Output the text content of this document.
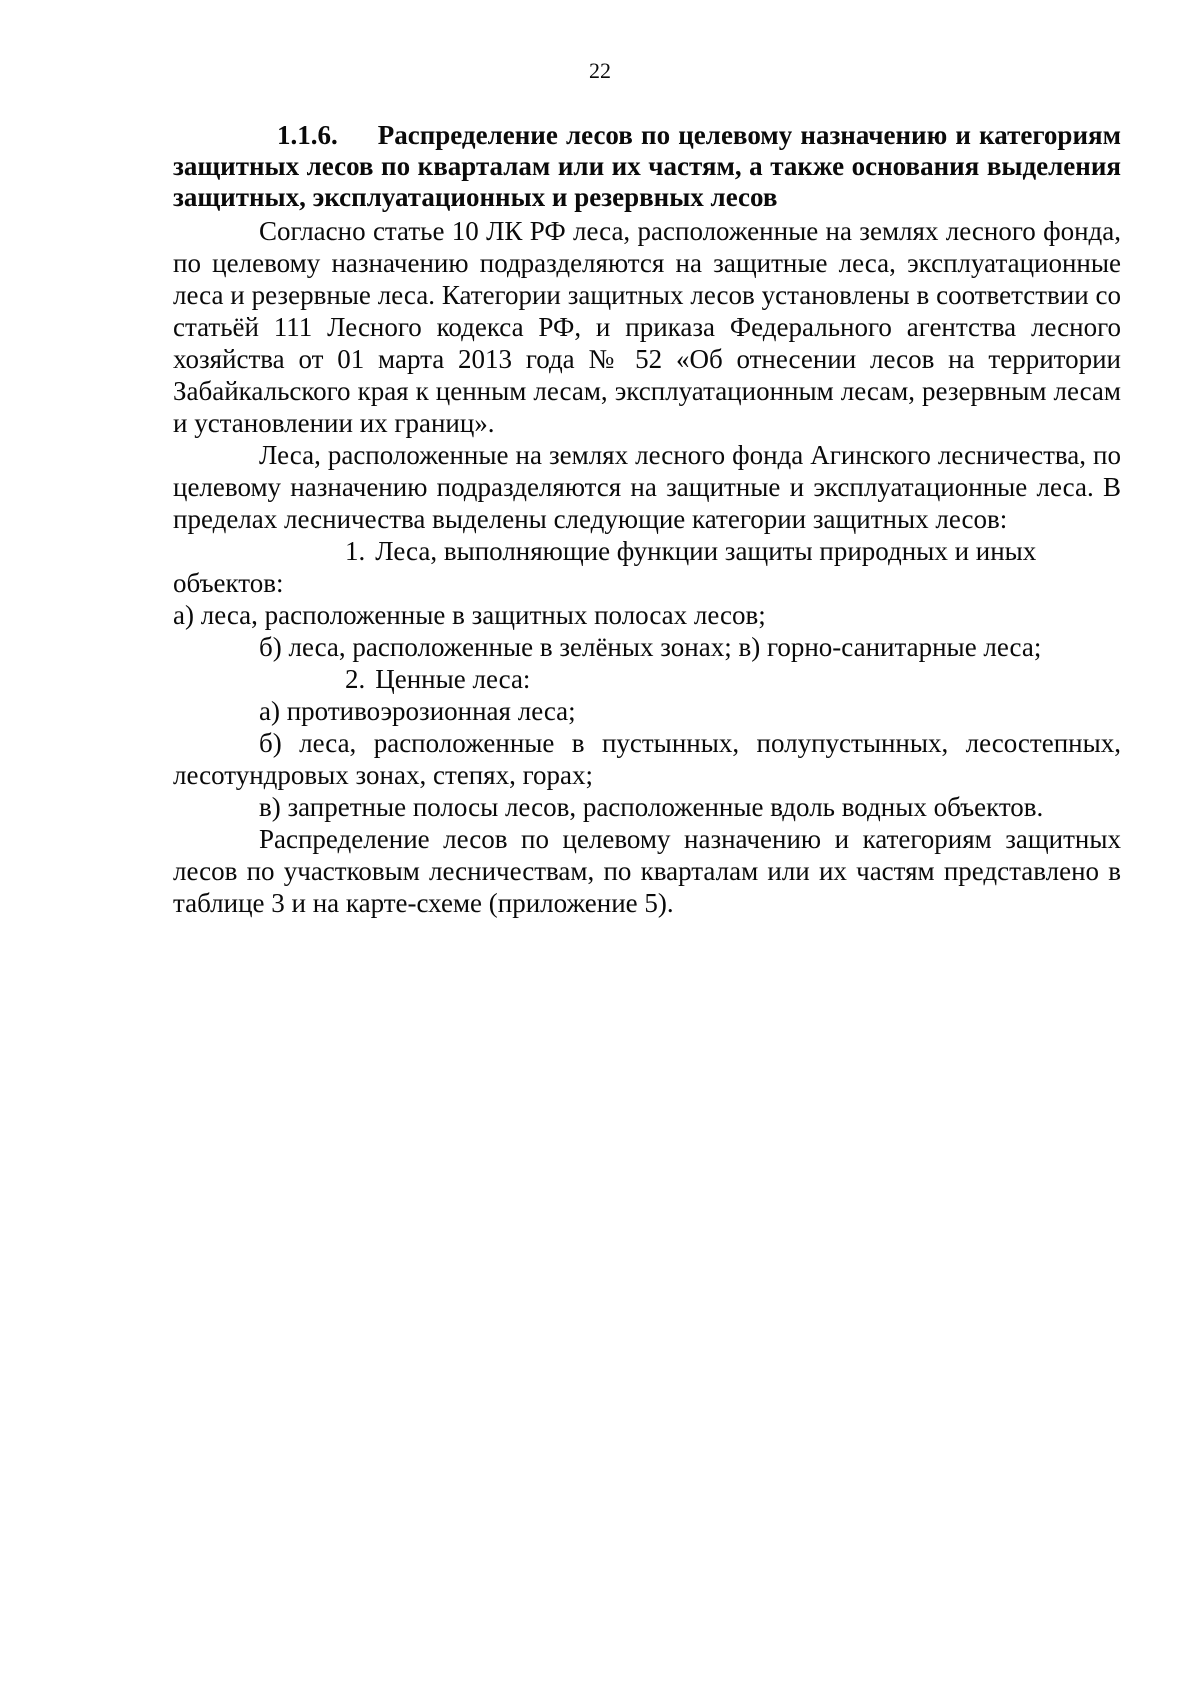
22

1.1.6. Распределение лесов по целевому назначению и категориям защитных лесов по кварталам или их частям, а также основания выделения защитных, эксплуатационных и резервных лесов

Согласно статье 10 ЛК РФ леса, расположенные на землях лесного фонда, по целевому назначению подразделяются на защитные леса, эксплуатационные леса и резервные леса. Категории защитных лесов установлены в соответствии со статьёй 111 Лесного кодекса РФ, и приказа Федерального агентства лесного хозяйства от 01 марта 2013 года № 52 «Об отнесении лесов на территории Забайкальского края к ценным лесам, эксплуатационным лесам, резервным лесам и установлении их границ».

Леса, расположенные на землях лесного фонда Агинского лесничества, по целевому назначению подразделяются на защитные и эксплуатационные леса. В пределах лесничества выделены следующие категории защитных лесов:

1. Леса, выполняющие функции защиты природных и иных объектов:

а) леса, расположенные в защитных полосах лесов;

б) леса, расположенные в зелёных зонах; в) горно-санитарные леса;

2. Ценные леса:

а) противоэрозионная леса;

б) леса, расположенные в пустынных, полупустынных, лесостепных, лесотундровых зонах, степях, горах;

в) запретные полосы лесов, расположенные вдоль водных объектов.

Распределение лесов по целевому назначению и категориям защитных лесов по участковым лесничествам, по кварталам или их частям представлено в таблице 3 и на карте-схеме (приложение 5).
